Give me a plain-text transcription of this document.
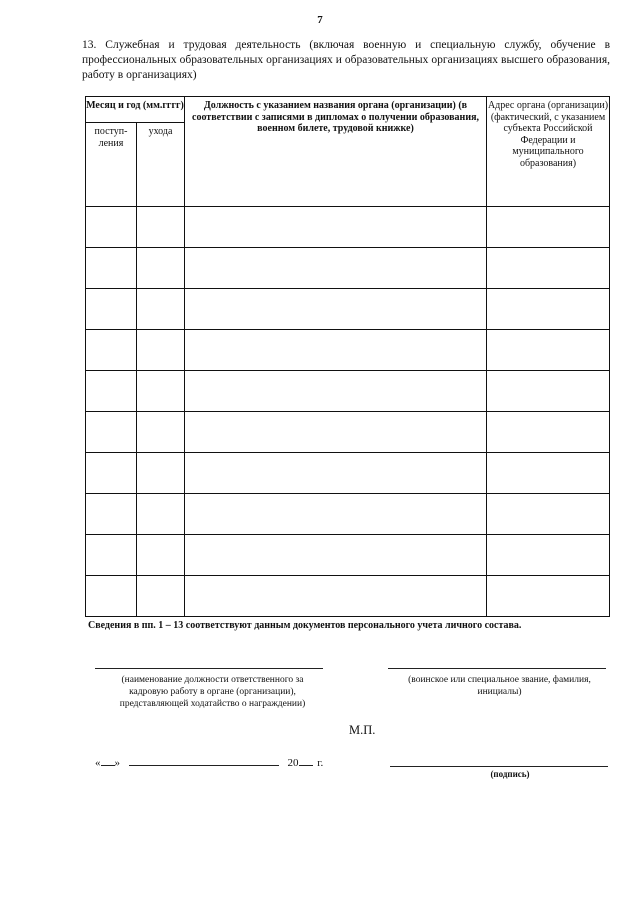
7
13. Служебная и трудовая деятельность (включая военную и специальную службу, обучение в профессиональных образовательных организациях и образовательных организациях высшего образования, работу в организациях)
Месяц и год (мм.гггг)		Должность с указанием названия органа (организации) (в соответствии с записями в дипломах о получении образования, военном билете, трудовой книжке)	Адрес органа (организации) (фактический, с указанием субъекта Российской Федерации и муниципального образования)
поступ-ления	ухода		

Сведения в пп. 1 – 13 соответствуют данным документов персонального учета личного состава.
(наименование должности ответственного за кадровую работу в органе (организации), представляющей ходатайство о награждении)
(воинское или специальное звание, фамилия, инициалы)
М.П.
« »	20 г.
(подпись)
